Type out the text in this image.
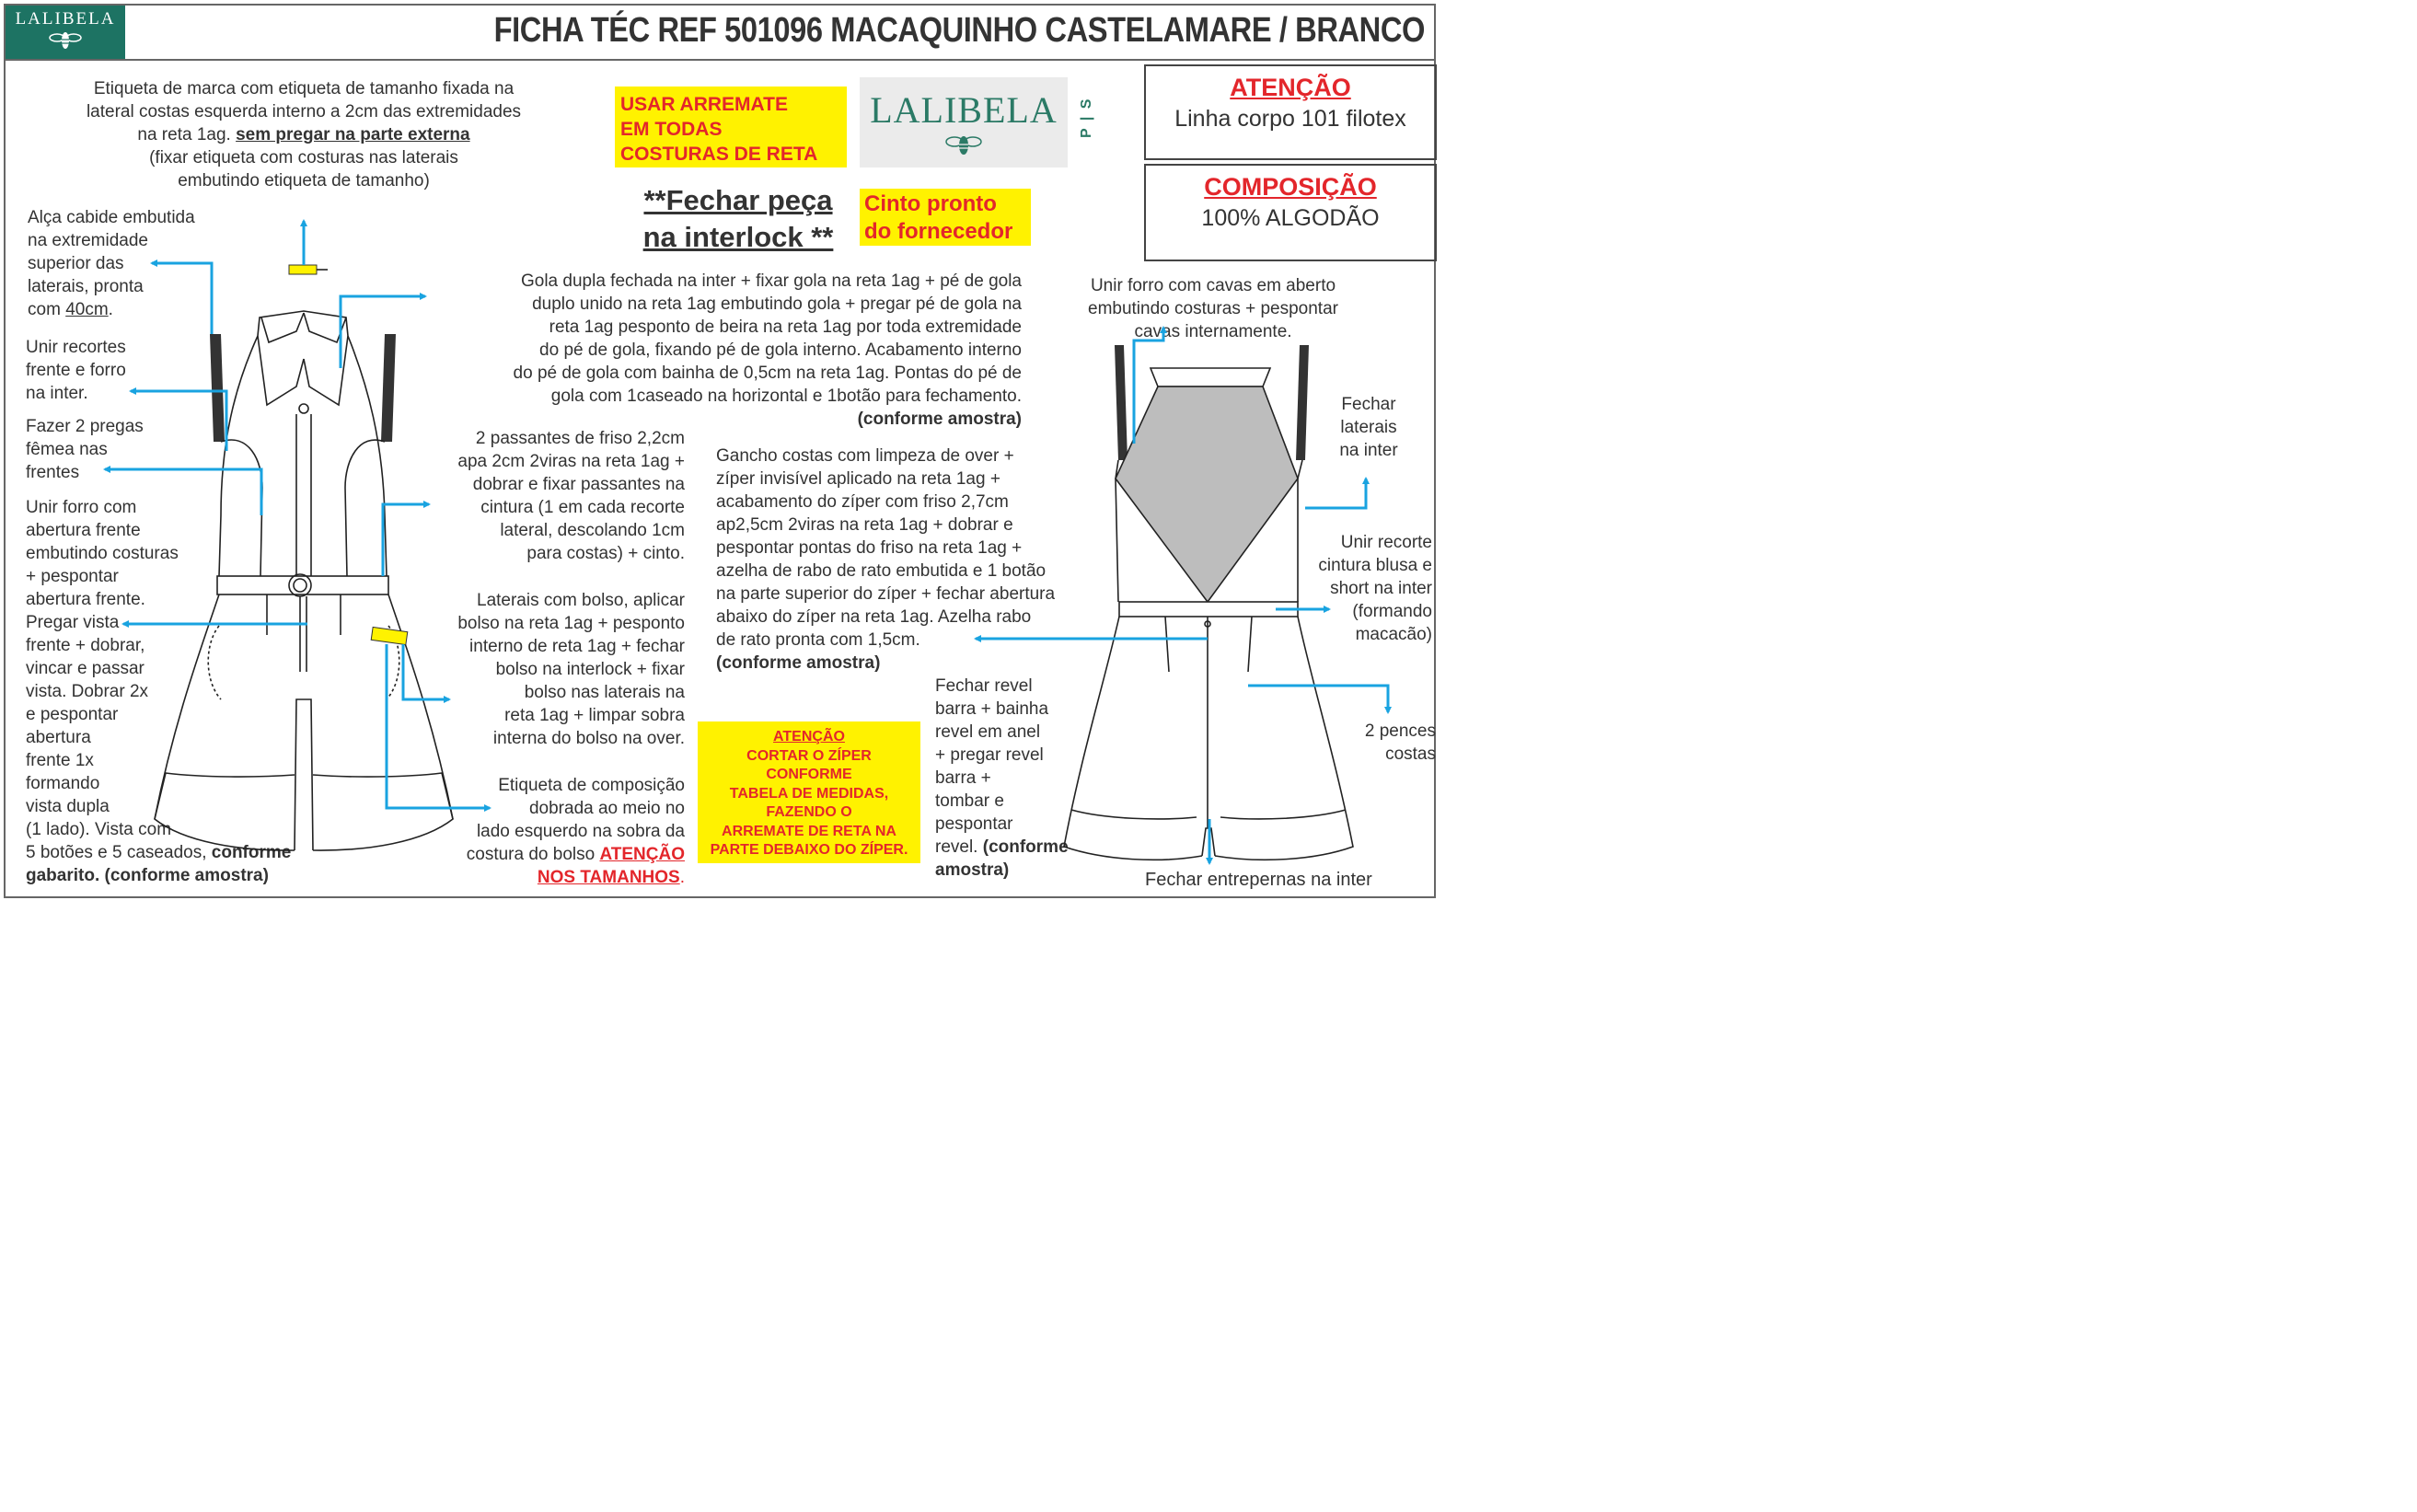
LALIBELA	FICHA TÉC REF 501096 MACAQUINHO CASTELAMARE / BRANCO
Etiqueta de marca com etiqueta de tamanho fixada na
lateral costas esquerda interno a 2cm das extremidades
na reta 1ag. sem pregar na parte externa
(fixar etiqueta com costuras nas laterais
embutindo etiqueta de tamanho)
USAR ARREMATE
EM TODAS
COSTURAS DE RETA
LALIBELA	P | S
ATENÇÃO
Linha corpo 101 filotex
COMPOSIÇÃO
100% ALGODÃO
**Fechar peça
na interlock **
Cinto pronto
do fornecedor
Alça cabide embutida
na extremidade
superior das
laterais, pronta
com 40cm.
Unir recortes
frente e forro
na inter.
Fazer 2 pregas
fêmea nas
frentes
Unir forro com
abertura frente
embutindo costuras
+ pespontar
abertura frente.
Pregar vista
frente + dobrar,
vincar e passar
vista. Dobrar 2x
e pespontar
abertura
frente 1x
formando
vista dupla
(1 lado). Vista com
5 botões e 5 caseados, conforme
gabarito. (conforme amostra)
Gola dupla fechada na inter + fixar gola na reta 1ag + pé de gola
duplo unido na reta 1ag embutindo gola + pregar pé de gola na
reta 1ag pesponto de beira na reta 1ag por toda extremidade
do pé de gola, fixando pé de gola interno. Acabamento interno
do pé de gola com bainha de 0,5cm na reta 1ag. Pontas do pé de
gola com 1caseado na horizontal e 1botão para fechamento.
(conforme amostra)
2 passantes de friso 2,2cm
apa 2cm 2viras na reta 1ag +
dobrar e fixar passantes na
cintura (1 em cada recorte
lateral, descolando 1cm
para costas) + cinto.
Laterais com bolso, aplicar
bolso na reta 1ag + pesponto
interno de reta 1ag + fechar
bolso na interlock + fixar
bolso nas laterais na
reta 1ag + limpar sobra
interna do bolso na over.
Etiqueta de composição
dobrada ao meio no
lado esquerdo na sobra da
costura do bolso ATENÇÃO
NOS TAMANHOS.
Gancho costas com limpeza de over +
zíper invisível aplicado na reta 1ag +
acabamento do zíper com friso 2,7cm
ap2,5cm 2viras na reta 1ag + dobrar e
pespontar pontas do friso na reta 1ag +
azelha de rabo de rato embutida e 1 botão
na parte superior do zíper + fechar abertura
abaixo do zíper na reta 1ag. Azelha rabo
de rato pronta com 1,5cm.
(conforme amostra)
ATENÇÃO
CORTAR O ZÍPER
CONFORME
TABELA DE MEDIDAS,
FAZENDO O
ARREMATE DE RETA NA
PARTE DEBAIXO DO ZÍPER.
Fechar revel
barra + bainha
revel em anel
+ pregar revel
barra +
tombar e
pespontar
revel. (conforme
amostra)
Unir forro com cavas em aberto
embutindo costuras + pespontar
cavas internamente.
Fechar
laterais
na inter
Unir recorte
cintura blusa e
short na inter
(formando
macacão)
2 pences
costas
Fechar entrepernas na inter
